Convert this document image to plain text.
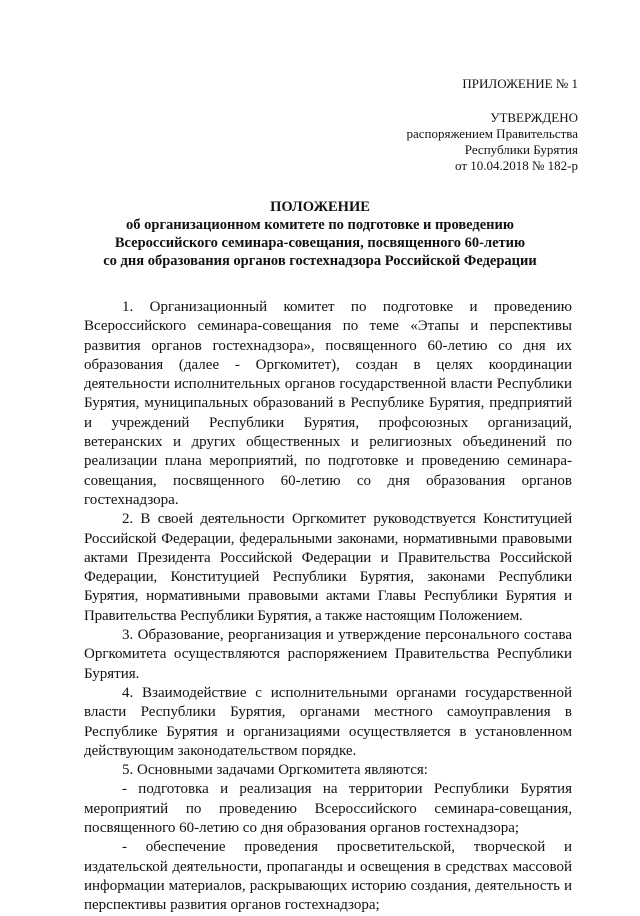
ПРИЛОЖЕНИЕ № 1
УТВЕРЖДЕНО
распоряжением Правительства
Республики Бурятия
от 10.04.2018 № 182-р
ПОЛОЖЕНИЕ
об организационном комитете по подготовке и проведению
Всероссийского семинара-совещания, посвященного 60-летию
со дня образования органов гостехнадзора Российской Федерации

1. Организационный комитет по подготовке и проведению Всероссийского семинара-совещания по теме «Этапы и перспективы развития органов гостехнадзора», посвященного 60-летию со дня их образования (далее - Оргкомитет), создан в целях координации деятельности исполнительных органов государственной власти Республики Бурятия, муниципальных образований в Республике Бурятия, предприятий и учреждений Республики Бурятия, профсоюзных организаций, ветеранских и других общественных и религиозных объединений по реализации плана мероприятий, по подготовке и проведению семинара-совещания, посвященного 60-летию со дня образования органов гостехнадзора.

2. В своей деятельности Оргкомитет руководствуется Конституцией Российской Федерации, федеральными законами, нормативными правовыми актами Президента Российской Федерации и Правительства Российской Федерации, Конституцией Республики Бурятия, законами Республики Бурятия, нормативными правовыми актами Главы Республики Бурятия и Правительства Республики Бурятия, а также настоящим Положением.

3. Образование, реорганизация и утверждение персонального состава Оргкомитета осуществляются распоряжением Правительства Республики Бурятия.

4. Взаимодействие с исполнительными органами государственной власти Республики Бурятия, органами местного самоуправления в Республике Бурятия и организациями осуществляется в установленном действующим законодательством порядке.

5. Основными задачами Оргкомитета являются:

- подготовка и реализация на территории Республики Бурятия мероприятий по проведению Всероссийского семинара-совещания, посвященного 60-летию со дня образования органов гостехнадзора;

- обеспечение проведения просветительской, творческой и издательской деятельности, пропаганды и освещения в средствах массовой информации материалов, раскрывающих историю создания, деятельность и перспективы развития органов гостехнадзора;
